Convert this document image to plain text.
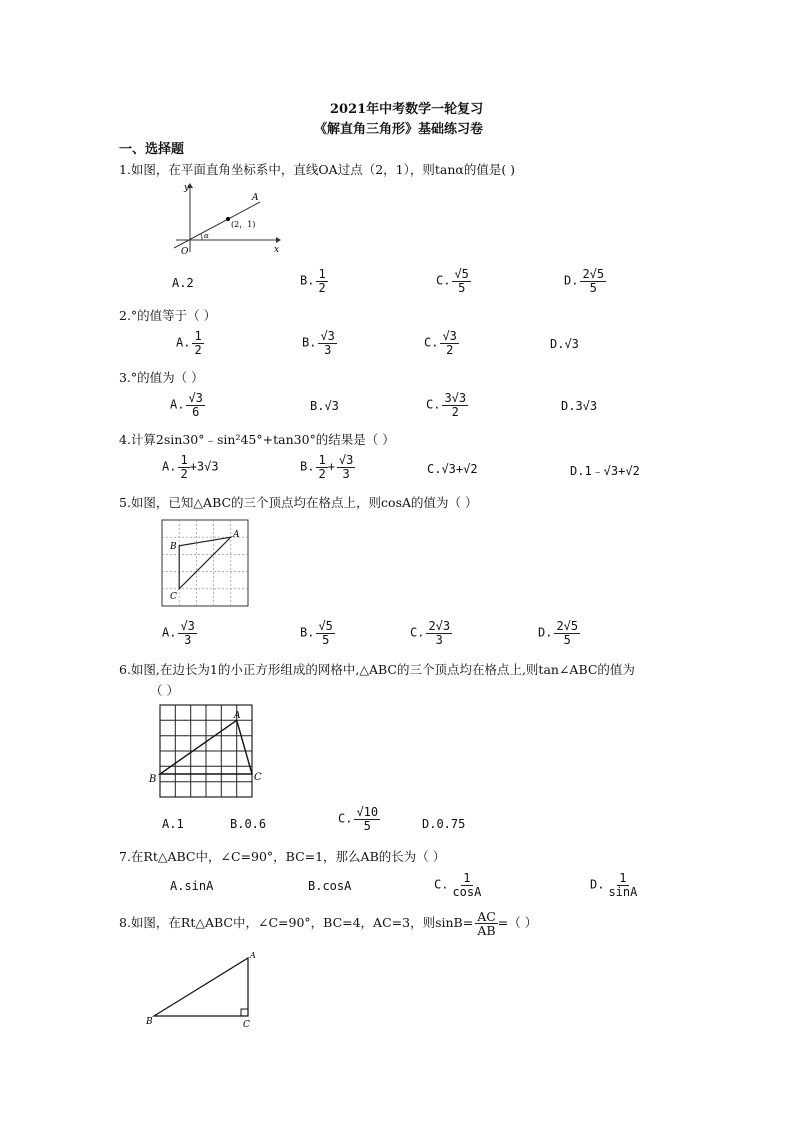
2021年中考数学一轮复习
《解直角三角形》基础练习卷
一、选择题
1.如图，在平面直角坐标系中，直线OA过点（2，1），则tanα的值是( )
y
x
O
A
α
(2，1)
A.2	B. $\frac{1}{2}$	C. $\frac{√5}{5}$	D. $\frac{2√5}{5}$
2.°的值等于（ ）
A. $\frac{1}{2}$	B. $\frac{√3}{3}$	C. $\frac{√3}{2}$	D.√3
3.°的值为（ ）
A. $\frac{√3}{6}$	B.√3	C. $\frac{3√3}{2}$	D.3√3
4.计算2sin30°﹣sin²45°+tan30°的结果是（ ）
A. $\frac{1}{2} +3√3$	B. $\frac{1}{2} + \frac{√3}{3}$	C.√3+√2	D.1﹣√3+√2
5.如图，已知△ABC的三个顶点均在格点上，则cosA的值为（ ）
A
B
C
A. $\frac{√3}{3}$	B. $\frac{√5}{5}$	C. $\frac{2√3}{3}$	D. $\frac{2√5}{5}$
6.如图,在边长为1的小正方形组成的网格中,△ABC的三个顶点均在格点上,则tan∠ABC的值为
（ ）
A
B	C
A.1	B.0.6	C. $\frac{√10}{5}$	D.0.75
7.在Rt△ABC中，∠C=90°，BC=1，那么AB的长为（ ）
A.sinA	B.cosA	C. $\frac{1}{\cos A}$	D. $\frac{1}{\sin A}$
8.如图，在Rt△ABC中，∠C=90°，BC=4，AC=3，则$\sin B= \frac{AC}{AB}$ =（ ）
A
B	C
